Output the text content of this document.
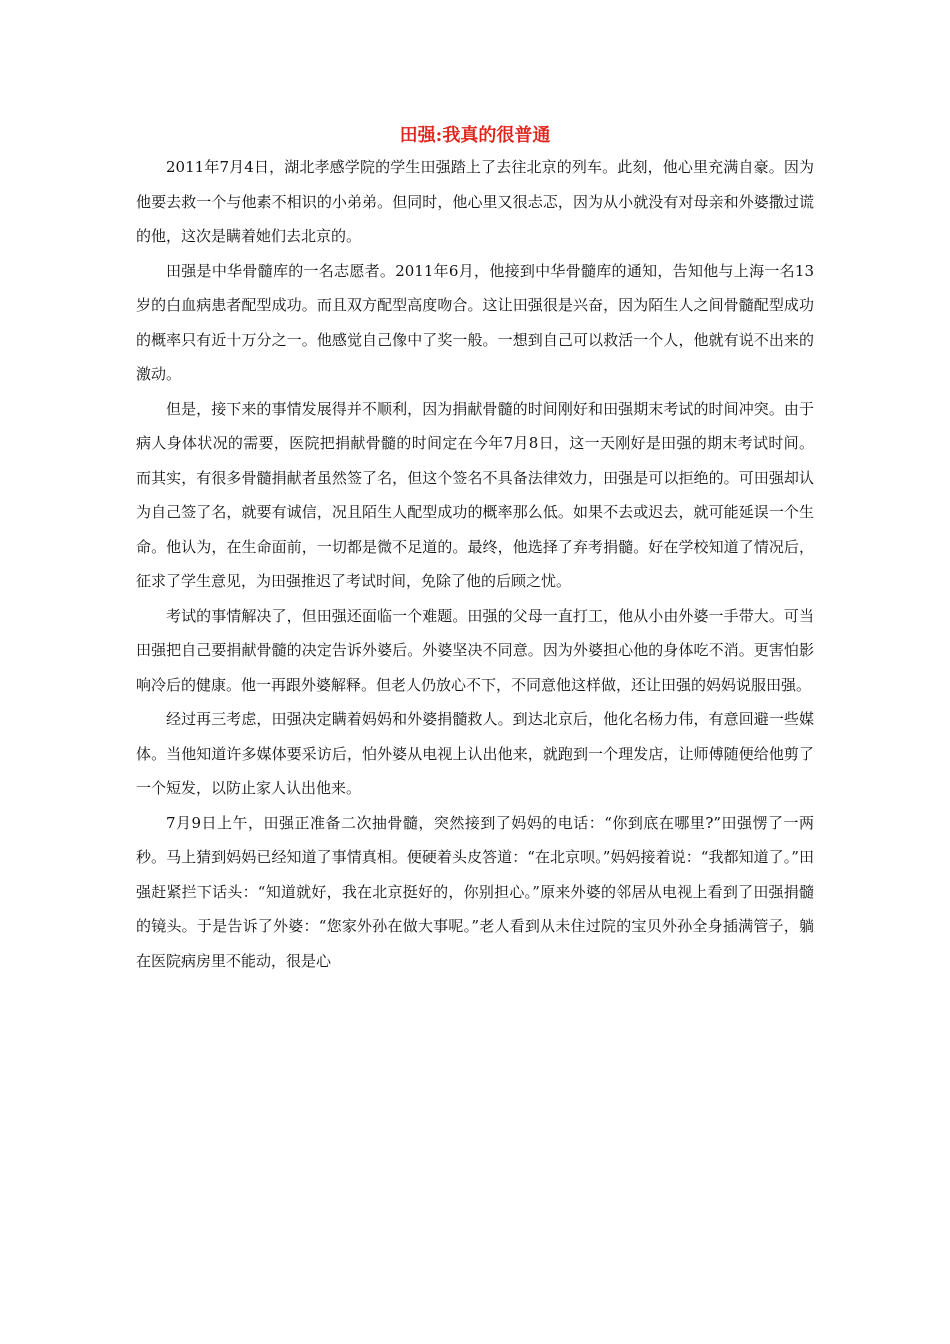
田强:我真的很普通

2011年7月4日，湖北孝感学院的学生田强踏上了去往北京的列车。此刻，他心里充满自豪。因为他要去救一个与他素不相识的小弟弟。但同时，他心里又很忐忑，因为从小就没有对母亲和外婆撒过谎的他，这次是瞒着她们去北京的。

田强是中华骨髓库的一名志愿者。2011年6月，他接到中华骨髓库的通知，告知他与上海一名13岁的白血病患者配型成功。而且双方配型高度吻合。这让田强很是兴奋，因为陌生人之间骨髓配型成功的概率只有近十万分之一。他感觉自己像中了奖一般。一想到自己可以救活一个人，他就有说不出来的激动。

但是，接下来的事情发展得并不顺利，因为捐献骨髓的时间刚好和田强期末考试的时间冲突。由于病人身体状况的需要，医院把捐献骨髓的时间定在今年7月8日，这一天刚好是田强的期末考试时间。而其实，有很多骨髓捐献者虽然签了名，但这个签名不具备法律效力，田强是可以拒绝的。可田强却认为自己签了名，就要有诚信，况且陌生人配型成功的概率那么低。如果不去或迟去，就可能延误一个生命。他认为，在生命面前，一切都是微不足道的。最终，他选择了弃考捐髓。好在学校知道了情况后，征求了学生意见，为田强推迟了考试时间，免除了他的后顾之忧。

考试的事情解决了，但田强还面临一个难题。田强的父母一直打工，他从小由外婆一手带大。可当田强把自己要捐献骨髓的决定告诉外婆后。外婆坚决不同意。因为外婆担心他的身体吃不消。更害怕影响冷后的健康。他一再跟外婆解释。但老人仍放心不下，不同意他这样做，还让田强的妈妈说服田强。

经过再三考虑，田强决定瞒着妈妈和外婆捐髓救人。到达北京后，他化名杨力伟，有意回避一些媒体。当他知道许多媒体要采访后，怕外婆从电视上认出他来，就跑到一个理发店，让师傅随便给他剪了一个短发，以防止家人认出他来。

7月9日上午，田强正准备二次抽骨髓，突然接到了妈妈的电话：“你到底在哪里?”田强愣了一两秒。马上猜到妈妈已经知道了事情真相。便硬着头皮答道：“在北京呗。”妈妈接着说：“我都知道了。”田强赶紧拦下话头：“知道就好，我在北京挺好的，你别担心。”原来外婆的邻居从电视上看到了田强捐髓的镜头。于是告诉了外婆：“您家外孙在做大事呢。”老人看到从未住过院的宝贝外孙全身插满管子，躺在医院病房里不能动，很是心
